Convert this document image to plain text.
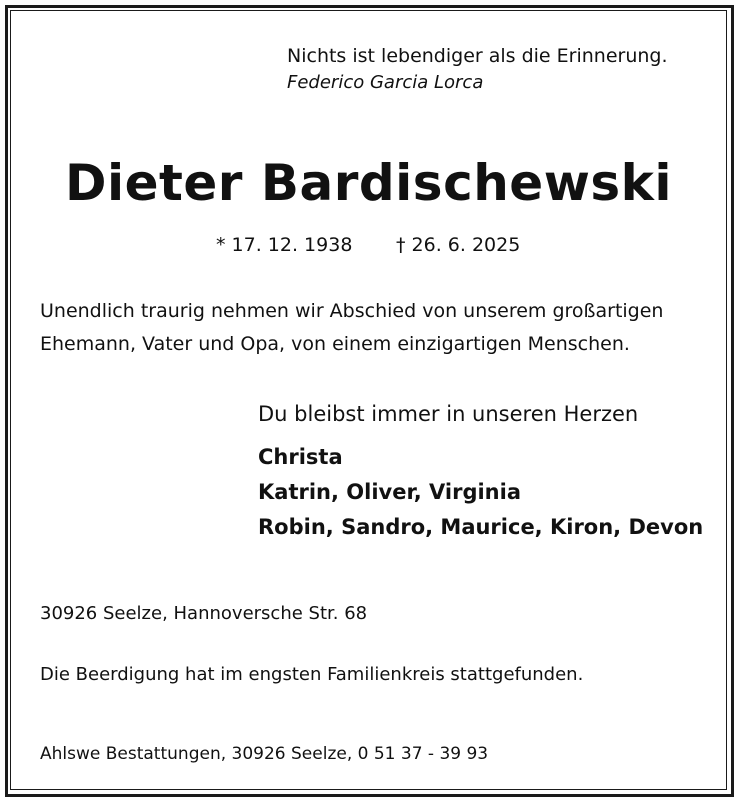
Nichts ist lebendiger als die Erinnerung.
Federico Garcia Lorca
Dieter Bardischewski
* 17. 12. 1938 † 26. 6. 2025
Unendlich traurig nehmen wir Abschied von unserem großartigen
Ehemann, Vater und Opa, von einem einzigartigen Menschen.
Du bleibst immer in unseren Herzen
Christa
Katrin, Oliver, Virginia
Robin, Sandro, Maurice, Kiron, Devon
30926 Seelze, Hannoversche Str. 68
Die Beerdigung hat im engsten Familienkreis stattgefunden.
Ahlswe Bestattungen, 30926 Seelze, 0 51 37 - 39 93
